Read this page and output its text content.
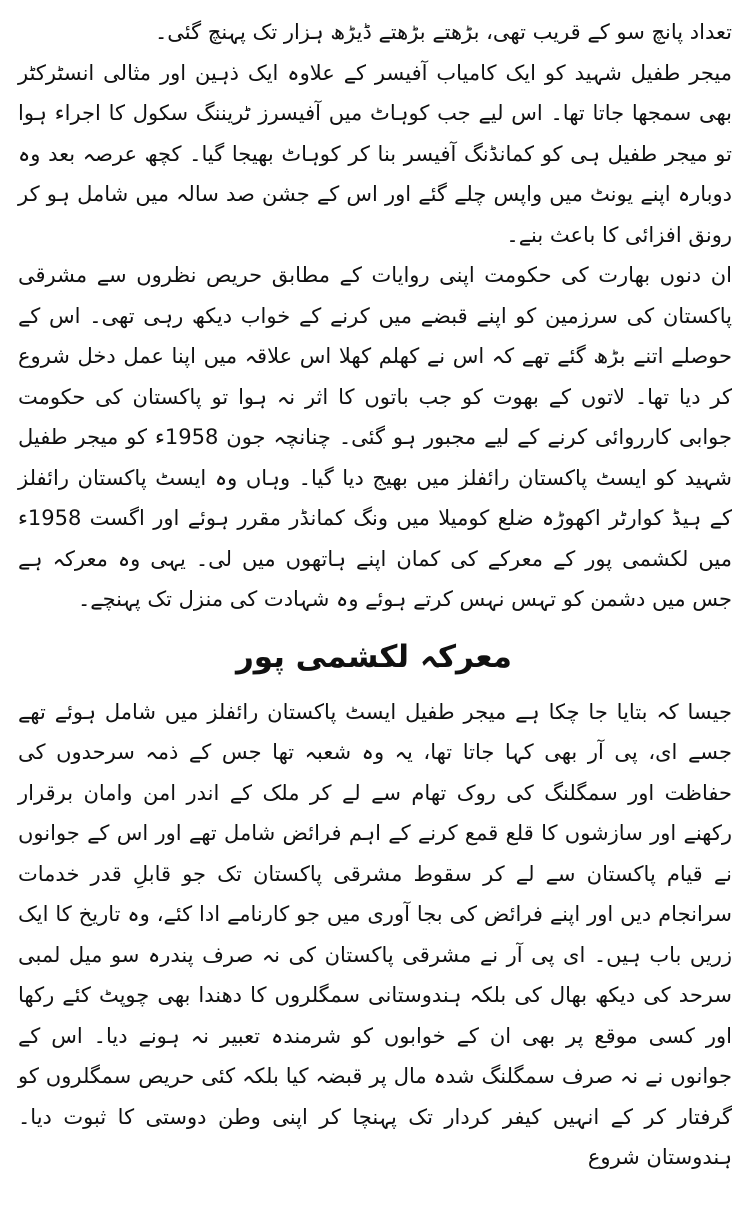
تعداد پانچ سو کے قریب تھی، بڑھتے بڑھتے ڈیڑھ ہزار تک پہنچ گئی۔

میجر طفیل شہید کو ایک کامیاب آفیسر کے علاوہ ایک ذہین اور مثالی انسٹرکٹر بھی سمجھا جاتا تھا۔ اس لیے جب کوہاٹ میں آفیسرز ٹریننگ سکول کا اجراء ہوا تو میجر طفیل ہی کو کمانڈنگ آفیسر بنا کر کوہاٹ بھیجا گیا۔ کچھ عرصہ بعد وہ دوبارہ اپنے یونٹ میں واپس چلے گئے اور اس کے جشن صد سالہ میں شامل ہو کر رونق افزائی کا باعث بنے۔

ان دنوں بھارت کی حکومت اپنی روایات کے مطابق حریص نظروں سے مشرقی پاکستان کی سرزمین کو اپنے قبضے میں کرنے کے خواب دیکھ رہی تھی۔ اس کے حوصلے اتنے بڑھ گئے تھے کہ اس نے کھلم کھلا اس علاقہ میں اپنا عمل دخل شروع کر دیا تھا۔ لاتوں کے بھوت کو جب باتوں کا اثر نہ ہوا تو پاکستان کی حکومت جوابی کارروائی کرنے کے لیے مجبور ہو گئی۔ چنانچہ جون 1958ء کو میجر طفیل شہید کو ایسٹ پاکستان رائفلز میں بھیج دیا گیا۔ وہاں وہ ایسٹ پاکستان رائفلز کے ہیڈ کوارٹر اکھوڑہ ضلع کومیلا میں ونگ کمانڈر مقرر ہوئے اور اگست 1958ء میں لکشمی پور کے معرکے کی کمان اپنے ہاتھوں میں لی۔ یہی وہ معرکہ ہے جس میں دشمن کو تہس نہس کرتے ہوئے وہ شہادت کی منزل تک پہنچے۔

معرکہ لکشمی پور

جیسا کہ بتایا جا چکا ہے میجر طفیل ایسٹ پاکستان رائفلز میں شامل ہوئے تھے جسے ای، پی آر بھی کہا جاتا تھا، یہ وہ شعبہ تھا جس کے ذمہ سرحدوں کی حفاظت اور سمگلنگ کی روک تھام سے لے کر ملک کے اندر امن وامان برقرار رکھنے اور سازشوں کا قلع قمع کرنے کے اہم فرائض شامل تھے اور اس کے جوانوں نے قیام پاکستان سے لے کر سقوط مشرقی پاکستان تک جو قابلِ قدر خدمات سرانجام دیں اور اپنے فرائض کی بجا آوری میں جو کارنامے ادا کئے، وہ تاریخ کا ایک زریں باب ہیں۔ ای پی آر نے مشرقی پاکستان کی نہ صرف پندرہ سو میل لمبی سرحد کی دیکھ بھال کی بلکہ ہندوستانی سمگلروں کا دھندا بھی چوپٹ کئے رکھا اور کسی موقع پر بھی ان کے خوابوں کو شرمندہ تعبیر نہ ہونے دیا۔ اس کے جوانوں نے نہ صرف سمگلنگ شدہ مال پر قبضہ کیا بلکہ کئی حریص سمگلروں کو گرفتار کر کے انہیں کیفر کردار تک پہنچا کر اپنی وطن دوستی کا ثبوت دیا۔ ہندوستان شروع
